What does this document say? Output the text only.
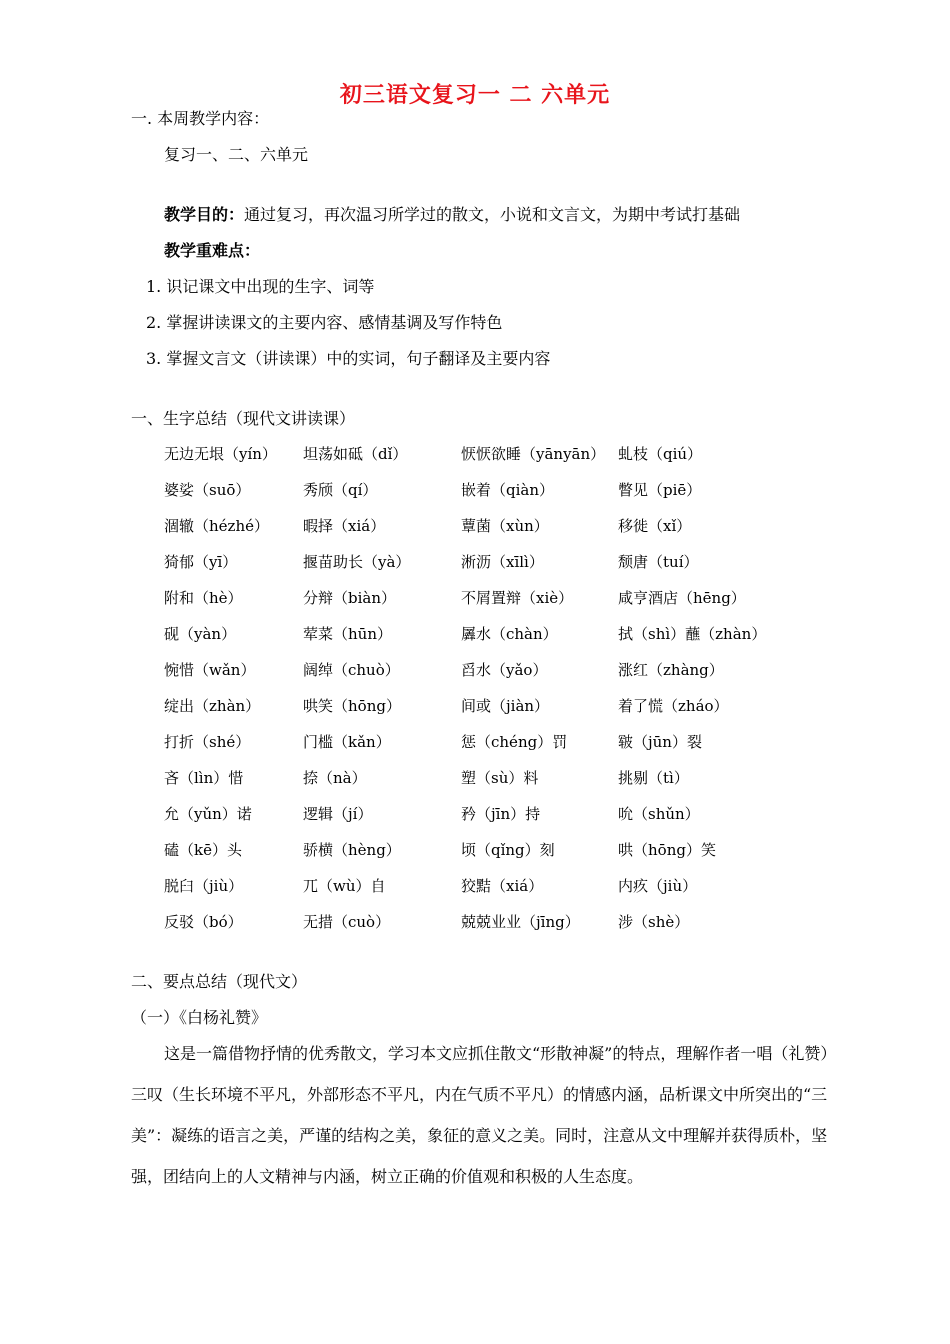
初三语文复习一 二 六单元
一. 本周教学内容：
复习一、二、六单元
教学目的：通过复习，再次温习所学过的散文，小说和文言文，为期中考试打基础
教学重难点：
1. 识记课文中出现的生字、词等
2. 掌握讲读课文的主要内容、感情基调及写作特色
3. 掌握文言文（讲读课）中的实词，句子翻译及主要内容
一、生字总结（现代文讲读课）
无边无垠（yín） 坦荡如砥（dǐ）	恹恹欲睡（yānyān） 虬枝（qiú）
婆娑（suō）	秀颀（qí）	嵌着（qiàn）	瞥见（piē）
涸辙（hézhé） 暇择（xiá）	蕈菌（xùn）	移徙（xǐ）
猗郁（yī）	揠苗助长（yà）	淅沥（xīlì）	颓唐（tuí）
附和（hè）	分辩（biàn）	不屑置辩（xiè）	咸亨酒店（hēng）
砚（yàn）	荤菜（hūn）	羼水（chàn）	拭（shì）蘸（zhàn）
惋惜（wǎn）	阔绰（chuò）	舀水（yǎo）	涨红（zhàng）
绽出（zhàn）	哄笑（hōng）	间或（jiàn）	着了慌（zháo）
打折（shé）	门槛（kǎn）	惩（chéng）罚	皲（jūn）裂
吝（lìn）惜	捺（nà）	塑（sù）料	挑剔（tì）
允（yǔn）诺	逻辑（jí）	矜（jīn）持	吮（shǔn）
磕（kē）头	骄横（hèng）	顷（qǐng）刻	哄（hōng）笑
脱臼（jiù）	兀（wù）自	狡黠（xiá）	内疚（jiù）
反驳（bó）	无措（cuò）	兢兢业业（jīng）	涉（shè）
二、要点总结（现代文）
（一）《白杨礼赞》

这是一篇借物抒情的优秀散文，学习本文应抓住散文“形散神凝”的特点，理解作者一唱（礼赞）三叹（生长环境不平凡，外部形态不平凡，内在气质不平凡）的情感内涵，品析课文中所突出的“三美”：凝练的语言之美，严谨的结构之美，象征的意义之美。同时，注意从文中理解并获得质朴，坚强，团结向上的人文精神与内涵，树立正确的价值观和积极的人生态度。
